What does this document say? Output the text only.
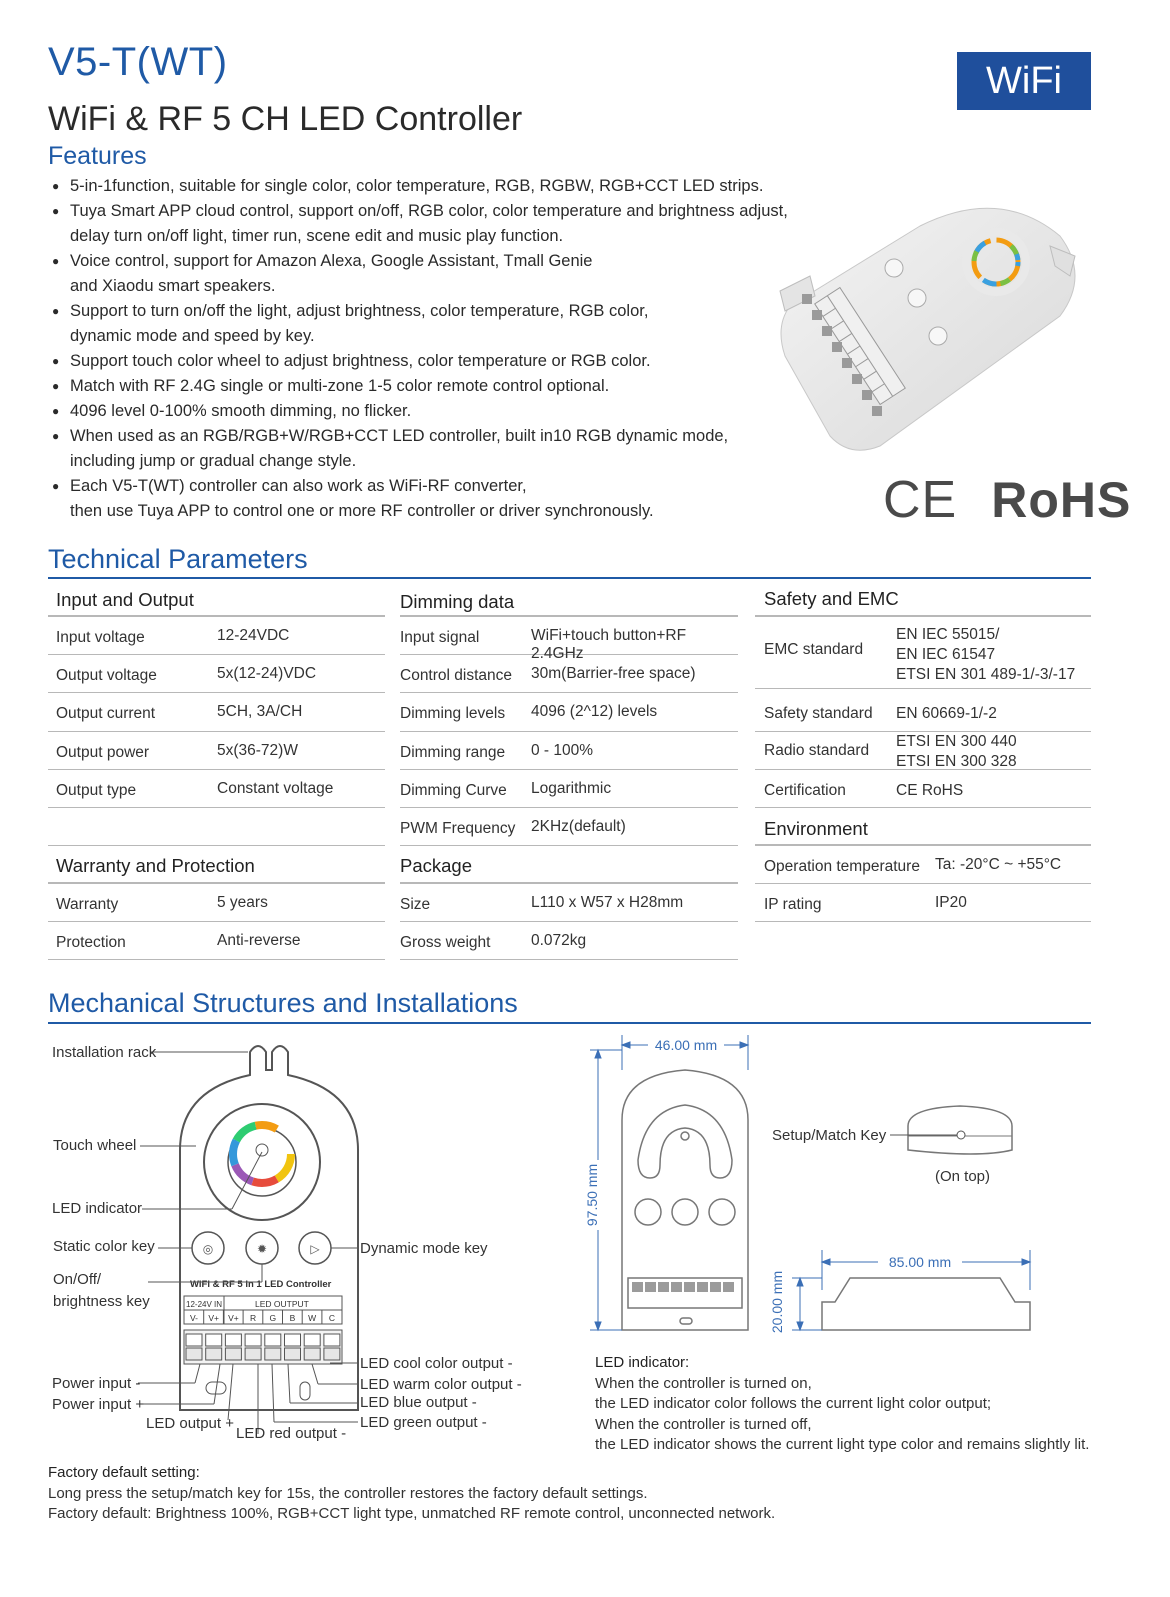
V5-T(WT)
WiFi & RF 5 CH LED Controller
WiFi
Features
● 5-in-1function, suitable for single color, color temperature, RGB, RGBW, RGB+CCT LED strips.
● Tuya Smart APP cloud control, support on/off, RGB color, color temperature and brightness adjust,
delay turn on/off light, timer run, scene edit and music play function.
● Voice control, support for Amazon Alexa, Google Assistant, Tmall Genie
and Xiaodu smart speakers.
● Support to turn on/off the light, adjust brightness, color temperature, RGB color,
dynamic mode and speed by key.
● Support touch color wheel to adjust brightness, color temperature or RGB color.
● Match with RF 2.4G single or multi-zone 1-5 color remote control optional.
● 4096 level 0-100% smooth dimming, no flicker.
● When used as an RGB/RGB+W/RGB+CCT LED controller, built in10 RGB dynamic mode,
including jump or gradual change style.
● Each V5-T(WT) controller can also work as WiFi-RF converter,
then use Tuya APP to control one or more RF controller or driver synchronously.	CE RoHS
Technical Parameters
Input and Output
Input voltage	12-24VDC
Output voltage	5x(12-24)VDC
Output current	5CH, 3A/CH
Output power	5x(36-72)W
Output type	Constant voltage
Warranty and Protection
Warranty	5 years
Protection	Anti-reverse
Dimming data
Input signal	WiFi+touch button+RF 2.4GHz
Control distance 30m(Barrier-free space)
Dimming levels 4096 (2^12) levels
Dimming range 0 - 100%
Dimming Curve Logarithmic
PWM Frequency 2KHz(default)
Package
Size	L110 x W57 x H28mm
Gross weight	0.072kg
Safety and EMC
EMC standard
EN IEC 55015/
EN IEC 61547
ETSI EN 301 489-1/-3/-17
Safety standard EN 60669-1/-2
Radio standard
ETSI EN 300 440
ETSI EN 300 328
Certification	CE RoHS
Environment
Operation temperature Ta: -20°C ~ +55°C
IP rating	IP20
Mechanical Structures and Installations
◎	✹	▷
WiFi & RF 5 in 1 LED Controller
12-24V IN	LED OUTPUT
V- V+ V+ R G B W C
Installation rack
Touch wheel
LED indicator
Static color key
On/Off/
brightness key
Dynamic mode key
Power input -
Power input +
LED output +
LED red output -
LED cool color output -
LED warm color output -
LED blue output -
LED green output -
46.00 mm
97.50 mm
85.00 mm
20.00 mm
Setup/Match Key
(On top)
LED indicator:
When the controller is turned on,
the LED indicator color follows the current light color output;
When the controller is turned off,
the LED indicator shows the current light type color and remains slightly lit.
Factory default setting:
Long press the setup/match key for 15s, the controller restores the factory default settings.
Factory default: Brightness 100%, RGB+CCT light type, unmatched RF remote control, unconnected network.
